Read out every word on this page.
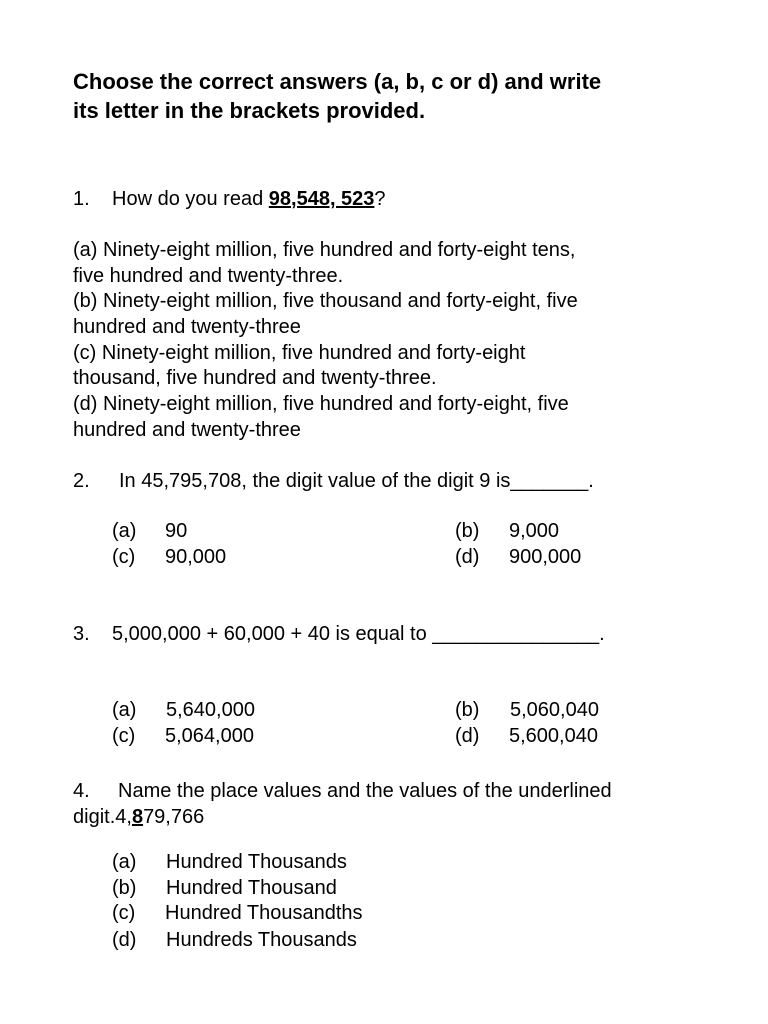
Choose the correct answers (a, b, c or d) and write
its letter in the brackets provided.
1. How do you read 98,548, 523?
(a) Ninety-eight million, five hundred and forty-eight tens,
five hundred and twenty-three.
(b) Ninety-eight million, five thousand and forty-eight, five
hundred and twenty-three
(c) Ninety-eight million, five hundred and forty-eight
thousand, five hundred and twenty-three.
(d) Ninety-eight million, five hundred and forty-eight, five
hundred and twenty-three
2. In 45,795,708, the digit value of the digit 9 is_______.
(a) 90	(b) 9,000
(c) 90,000	(d) 900,000
3. 5,000,000 + 60,000 + 40 is equal to _______________.
(a) 5,640,000	(b) 5,060,040
(c) 5,064,000	(d) 5,600,040
4. Name the place values and the values of the underlined
digit.4,879,766
(a) Hundred Thousands
(b) Hundred Thousand
(c) Hundred Thousandths
(d) Hundreds Thousands
